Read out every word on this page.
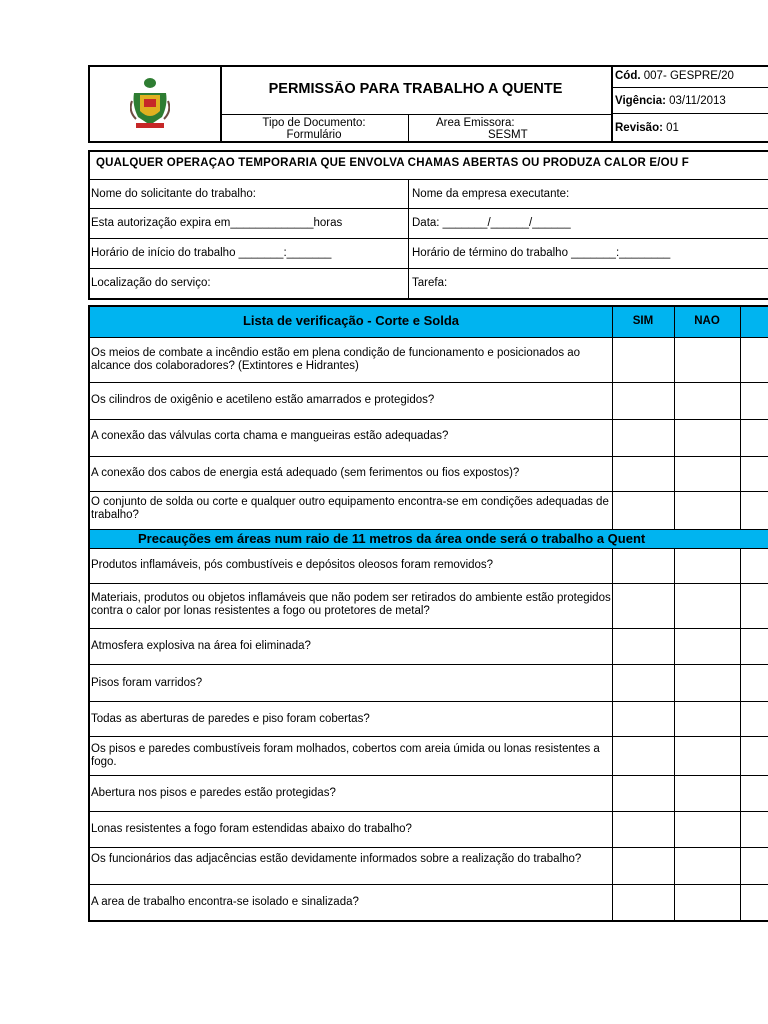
PERMISSÃO PARA TRABALHO A QUENTE
Tipo de Documento:
Formulário
Área Emissora:
SESMT
Cód. 007- GESPRE/20
Vigência: 03/11/2013
Revisão: 01
QUALQUER OPERAÇÃO TEMPORÁRIA QUE ENVOLVA CHAMAS ABERTAS OU PRODUZA CALOR E/OU F
Nome do solicitante do trabalho:	Nome da empresa executante:
Esta autorização expira em_____________horas	Data: _______/______/______
Horário de início do trabalho _______:_______	Horário de término do trabalho _______:________
Localização do serviço:	Tarefa:
Lista de verificação - Corte e Solda	SIM	NÃO
Os meios de combate a incêndio estão em plena condição de funcionamento e posicionados ao alcance dos colaboradores? (Extintores e Hidrantes)
Os cilindros de oxigênio e acetileno estão amarrados e protegidos?
A conexão das válvulas corta chama e mangueiras estão adequadas?
A conexão dos cabos de energia está adequado (sem ferimentos ou fios expostos)?
O conjunto de solda ou corte e qualquer outro equipamento encontra-se em condições adequadas de trabalho?
Precauções em áreas num raio de 11 metros da área onde será o trabalho a Quent
Produtos inflamáveis, pós combustíveis e depósitos oleosos foram removidos?
Materiais, produtos ou objetos inflamáveis que não podem ser retirados do ambiente estão protegidos contra o calor por lonas resistentes a fogo ou protetores de metal?
Atmosfera explosiva na área foi eliminada?
Pisos foram varridos?
Todas as aberturas de paredes e piso foram cobertas?
Os pisos e paredes combustíveis foram molhados, cobertos com areia úmida ou lonas resistentes a fogo.
Abertura nos pisos e paredes estão protegidas?
Lonas resistentes a fogo foram estendidas abaixo do trabalho?
Os funcionários das adjacências estão devidamente informados sobre a realização do trabalho?
A area de trabalho encontra-se isolado e sinalizada?
